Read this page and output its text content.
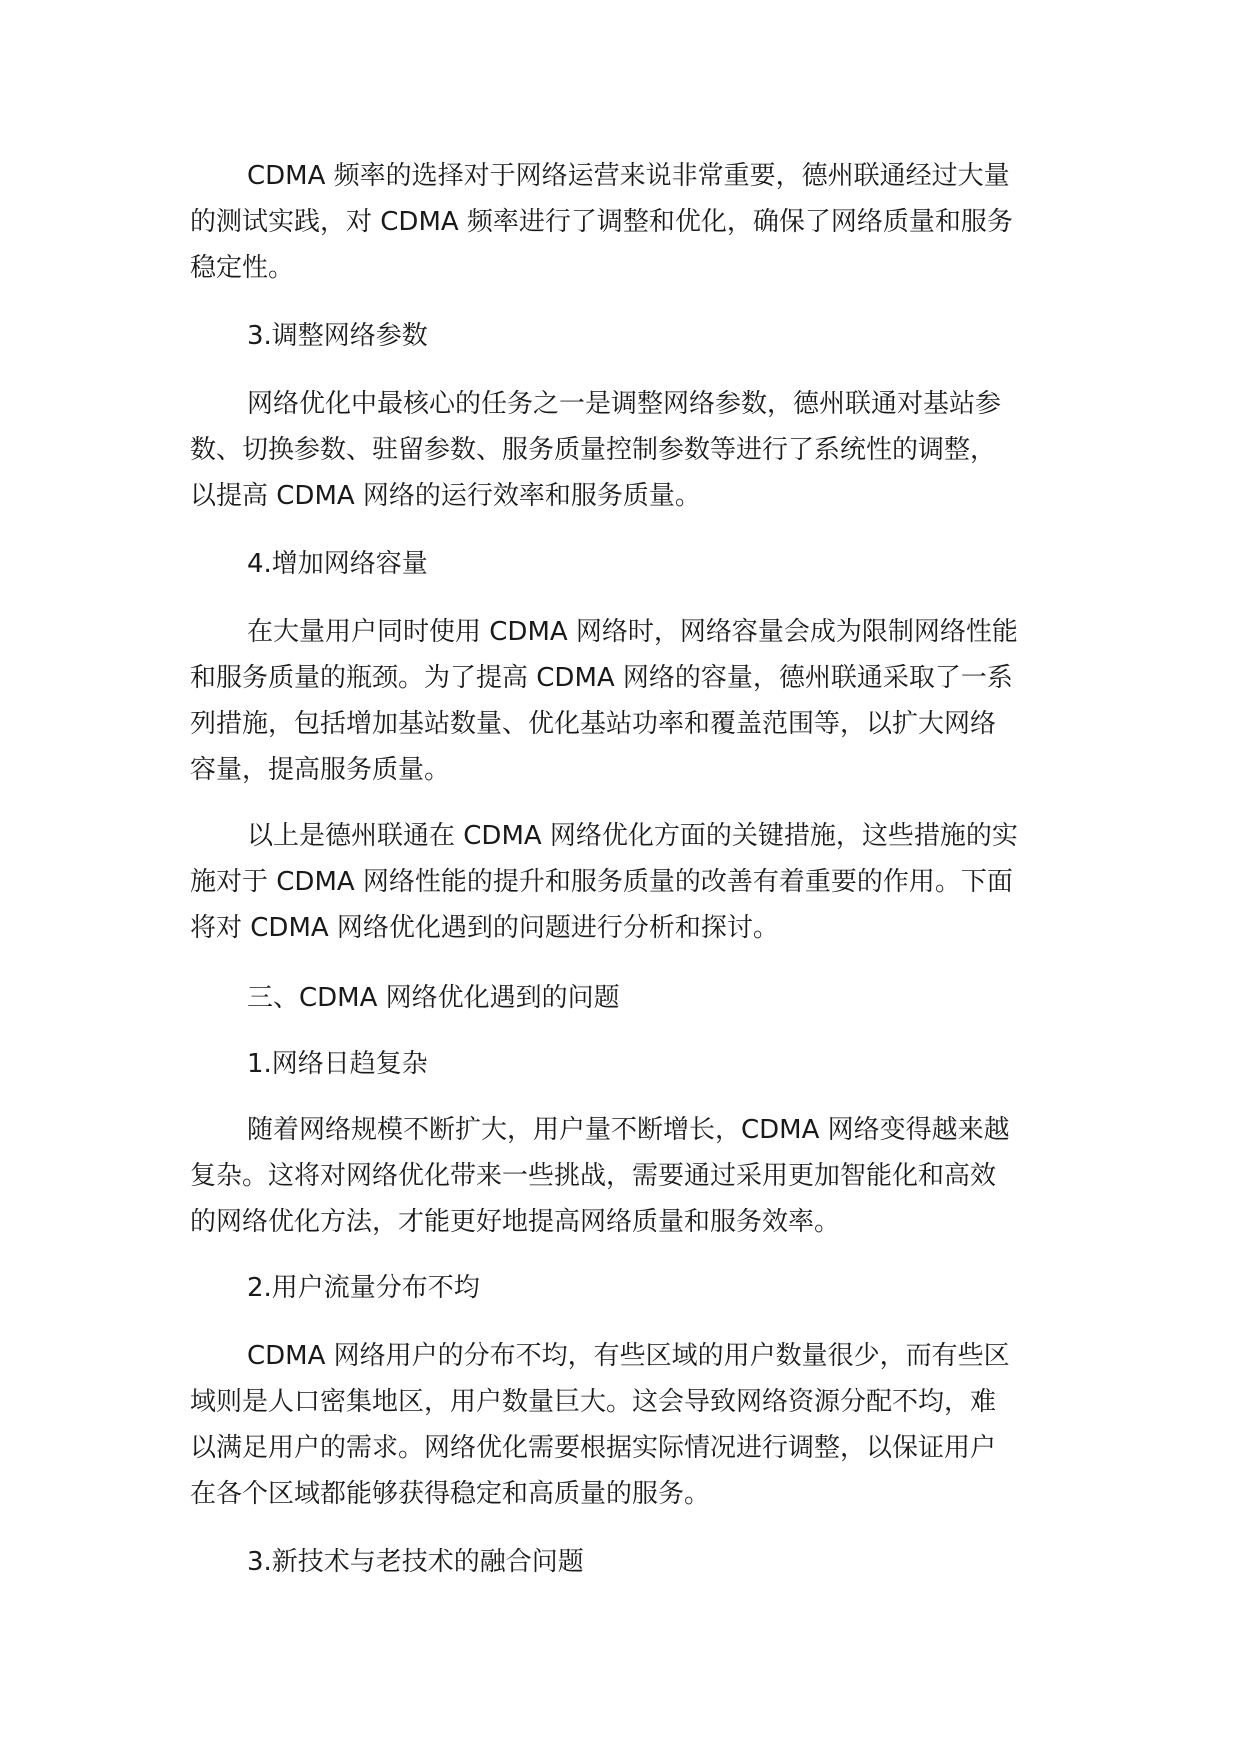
CDMA 频率的选择对于网络运营来说非常重要，德州联通经过大量
的测试实践，对 CDMA 频率进行了调整和优化，确保了网络质量和服务
稳定性。
3.调整网络参数
网络优化中最核心的任务之一是调整网络参数，德州联通对基站参
数、切换参数、驻留参数、服务质量控制参数等进行了系统性的调整，
以提高 CDMA 网络的运行效率和服务质量。
4.增加网络容量
在大量用户同时使用 CDMA 网络时，网络容量会成为限制网络性能
和服务质量的瓶颈。为了提高 CDMA 网络的容量，德州联通采取了一系
列措施，包括增加基站数量、优化基站功率和覆盖范围等，以扩大网络
容量，提高服务质量。
以上是德州联通在 CDMA 网络优化方面的关键措施，这些措施的实
施对于 CDMA 网络性能的提升和服务质量的改善有着重要的作用。下面
将对 CDMA 网络优化遇到的问题进行分析和探讨。
三、CDMA 网络优化遇到的问题
1.网络日趋复杂
随着网络规模不断扩大，用户量不断增长，CDMA 网络变得越来越
复杂。这将对网络优化带来一些挑战，需要通过采用更加智能化和高效
的网络优化方法，才能更好地提高网络质量和服务效率。
2.用户流量分布不均
CDMA 网络用户的分布不均，有些区域的用户数量很少，而有些区
域则是人口密集地区，用户数量巨大。这会导致网络资源分配不均，难
以满足用户的需求。网络优化需要根据实际情况进行调整，以保证用户
在各个区域都能够获得稳定和高质量的服务。
3.新技术与老技术的融合问题
